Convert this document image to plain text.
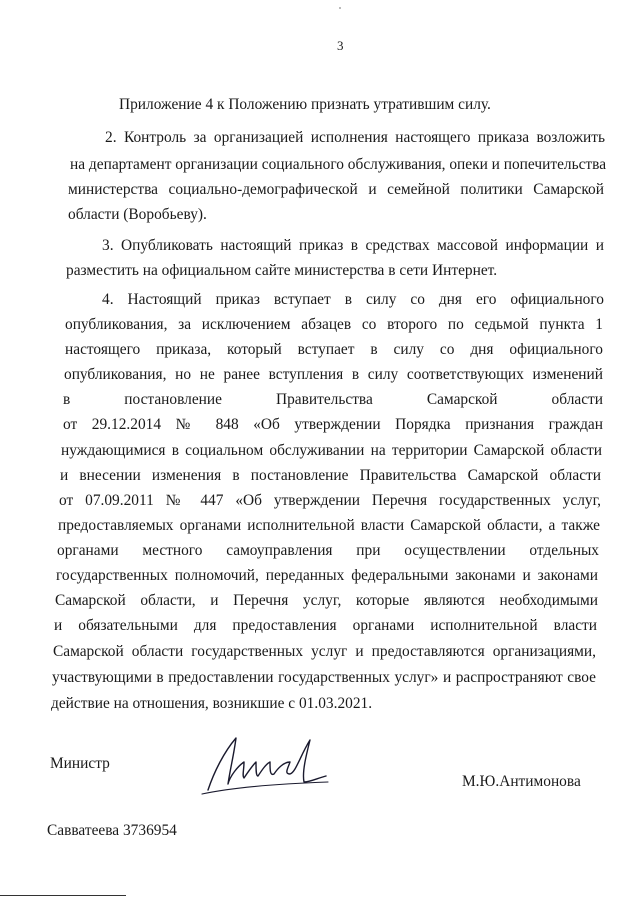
3
Приложение 4 к Положению признать утратившим силу.
2. Контроль за организацией исполнения настоящего приказа возложить
на департамент организации социального обслуживания, опеки и попечительства
министерства социально-демографической и семейной политики Самарской
области (Воробьеву).
3. Опубликовать настоящий приказ в средствах массовой информации и
разместить на официальном сайте министерства в сети Интернет.
4. Настоящий приказ вступает в силу со дня его официального
опубликования, за исключением абзацев со второго по седьмой пункта 1
настоящего приказа, который вступает в силу со дня официального
опубликования, но не ранее вступления в силу соответствующих изменений
в постановление Правительства Самарской области
от 29.12.2014 № 848 «Об утверждении Порядка признания граждан
нуждающимися в социальном обслуживании на территории Самарской области
и внесении изменения в постановление Правительства Самарской области
от 07.09.2011 № 447 «Об утверждении Перечня государственных услуг,
предоставляемых органами исполнительной власти Самарской области, а также
органами местного самоуправления при осуществлении отдельных
государственных полномочий, переданных федеральными законами и законами
Самарской области, и Перечня услуг, которые являются необходимыми
и обязательными для предоставления органами исполнительной власти
Самарской области государственных услуг и предоставляются организациями,
участвующими в предоставлении государственных услуг» и распространяют свое
действие на отношения, возникшие с 01.03.2021.
Министр
М.Ю.Антимонова
Савватеева 3736954
